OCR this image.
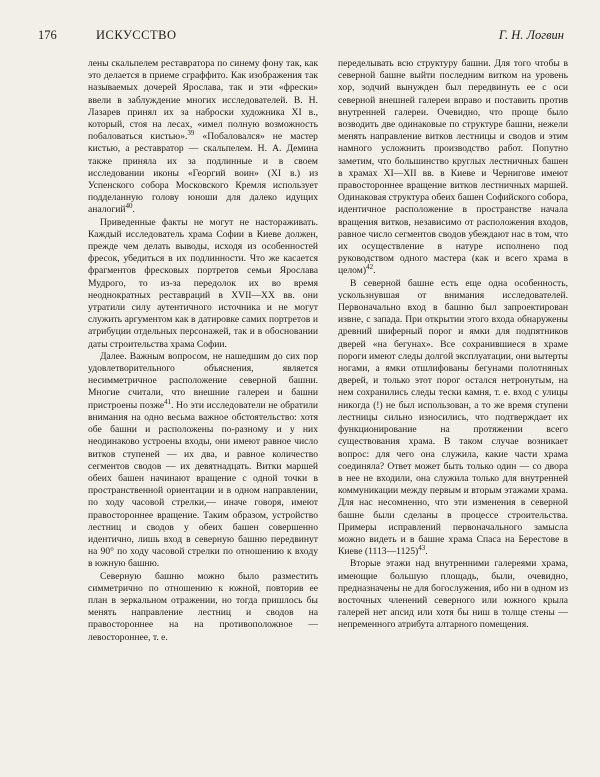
176	ИСКУССТВО	Г. Н. Логвин

лены скальпелем реставратора по синему фону так, как это делается в приеме сграффито. Как изображения так называемых дочерей Ярослава, так и эти «фрески» ввели в заблуждение многих исследователей. В. Н. Лазарев принял их за наброски художника XI в., который, стоя на лесах, «имел полную возможность побаловаться кистью».$^{39}$ «Побаловался» не мастер кистью, а реставратор — скальпелем. Н. А. Демина также приняла их за подлинные и в своем исследовании иконы «Георгий воин» (XI в.) из Успенского собора Московского Кремля использует подделанную голову юноши для далеко идущих аналогий$^{40}$.

Приведенные факты не могут не настораживать. Каждый исследователь храма Софии в Киеве должен, прежде чем делать выводы, исходя из особенностей фресок, убедиться в их подлинности. Что же касается фрагментов фресковых портретов семьи Ярослава Мудрого, то из-за передолок их во время неоднократных реставраций в XVII—XX вв. они утратили силу аутентичного источника и не могут служить аргументом как в датировке самих портретов и атрибуции отдельных персонажей, так и в обосновании даты строительства храма Софии.

Далее. Важным вопросом, не нашедшим до сих пор удовлетворительного объяснения, является несимметричное расположение северной башни. Многие считали, что внешние галереи и башни пристроены позже$^{41}$. Но эти исследователи не обратили внимания на одно весьма важное обстоятельство: хотя обе башни и расположены по-разному и у них неодинаково устроены входы, они имеют равное число витков ступеней — их два, и равное количество сегментов сводов — их девятнадцать. Витки маршей обеих башен начинают вращение с одной точки в пространственной ориентации и в одном направлении, по ходу часовой стрелки,— иначе говоря, имеют правостороннее вращение. Таким образом, устройство лестниц и сводов у обеих башен совершенно идентично, лишь вход в северную башню передвинут на 90° по ходу часовой стрелки по отношению к входу в южную башню.

Северную башню можно было разместить симметрично по отношению к южной, повторив ее план в зеркальном отражении, но тогда пришлось бы менять направление лестниц и сводов на правостороннее на на противоположное — левостороннее, т. е.

переделывать всю структуру башни. Для того чтобы в северной башне выйти последним витком на уровень хор, зодчий вынужден был передвинуть ее с оси северной внешней галереи вправо и поставить против внутренней галереи. Очевидно, что проще было возводить две одинаковые по структуре башни, нежели менять направление витков лестницы и сводов и этим намного усложнить производство работ. Попутно заметим, что большинство круглых лестничных башен в храмах XI—XII вв. в Киеве и Чернигове имеют правостороннее вращение витков лестничных маршей. Одинаковая структура обеих башен Софийского собора, идентичное расположение в пространстве начала вращения витков, независимо от расположения входов, равное число сегментов сводов убеждают нас в том, что их осуществление в натуре исполнено под руководством одного мастера (как и всего храма в целом)$^{42}$.

В северной башне есть еще одна особенность, ускользнувшая от внимания исследователей. Первоначально вход в башню был запроектирован извне, с запада. При открытии этого входа обнаружены древний шиферный порог и ямки для подпятников дверей «на бегунах». Все сохранившиеся в храме пороги имеют следы долгой эксплуатации, они вытерты ногами, а ямки отшлифованы бегунами полотняных дверей, и только этот порог остался нетронутым, на нем сохранились следы тески камня, т. е. вход с улицы никогда (!) не был использован, а то же время ступени лестницы сильно износились, что подтверждает их функционирование на протяжении всего существования храма. В таком случае возникает вопрос: для чего она служила, какие части храма соединяла? Ответ может быть только один — со двора в нее не входили, она служила только для внутренней коммуникации между первым и вторым этажами храма. Для нас несомненно, что эти изменения в северной башне были сделаны в процессе строительства. Примеры исправлений первоначального замысла можно видеть и в башне храма Спаса на Берестове в Киеве (1113—1125)$^{43}$.

Вторые этажи над внутренними галереями храма, имеющие большую площадь, были, очевидно, предназначены не для богослужения, ибо ни в одном из восточных членений северного или южного крыла галерей нет апсид или хотя бы ниш в толще стены — непременного атрибута алтарного помещения.
